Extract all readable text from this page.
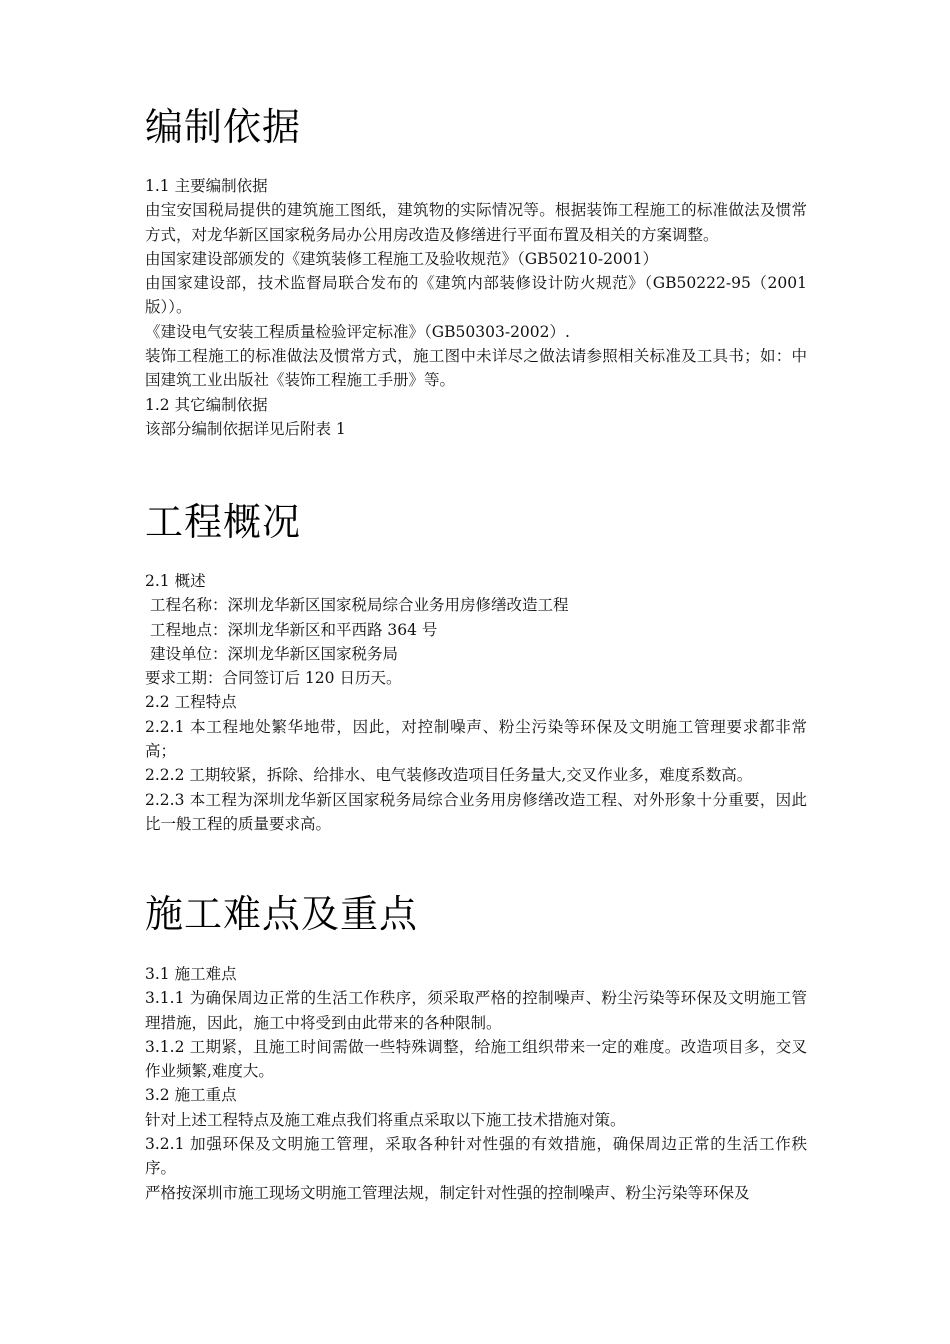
编制依据

1.1 主要编制依据

由宝安国税局提供的建筑施工图纸，建筑物的实际情况等。根据装饰工程施工的标准做法及惯常方式，对龙华新区国家税务局办公用房改造及修缮进行平面布置及相关的方案调整。

由国家建设部颁发的《建筑装修工程施工及验收规范》（GB50210-2001）

由国家建设部，技术监督局联合发布的《建筑内部装修设计防火规范》（GB50222-95（2001版））。

《建设电气安装工程质量检验评定标准》（GB50303-2002）.

装饰工程施工的标准做法及惯常方式，施工图中未详尽之做法请参照相关标准及工具书；如：中国建筑工业出版社《装饰工程施工手册》等。

1.2 其它编制依据

该部分编制依据详见后附表 1

工程概况

2.1 概述

工程名称：深圳龙华新区国家税局综合业务用房修缮改造工程

工程地点：深圳龙华新区和平西路 364 号

建设单位：深圳龙华新区国家税务局

要求工期：合同签订后 120 日历天。

2.2 工程特点

2.2.1 本工程地处繁华地带，因此，对控制噪声、粉尘污染等环保及文明施工管理要求都非常高；

2.2.2 工期较紧，拆除、给排水、电气装修改造项目任务量大,交叉作业多，难度系数高。

2.2.3 本工程为深圳龙华新区国家税务局综合业务用房修缮改造工程、对外形象十分重要，因此比一般工程的质量要求高。

施工难点及重点

3.1 施工难点

3.1.1 为确保周边正常的生活工作秩序，须采取严格的控制噪声、粉尘污染等环保及文明施工管理措施，因此，施工中将受到由此带来的各种限制。

3.1.2 工期紧，且施工时间需做一些特殊调整，给施工组织带来一定的难度。改造项目多，交叉作业频繁,难度大。

3.2 施工重点

针对上述工程特点及施工难点我们将重点采取以下施工技术措施对策。

3.2.1 加强环保及文明施工管理，采取各种针对性强的有效措施，确保周边正常的生活工作秩序。

严格按深圳市施工现场文明施工管理法规，制定针对性强的控制噪声、粉尘污染等环保及
